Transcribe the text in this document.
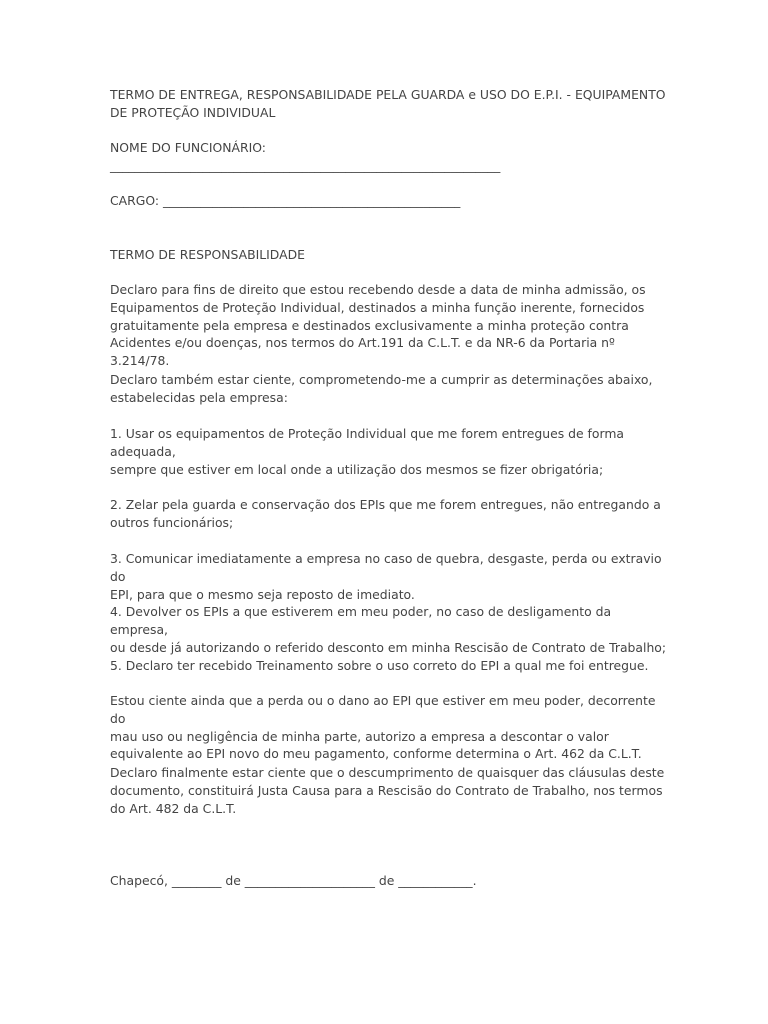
TERMO DE ENTREGA, RESPONSABILIDADE PELA GUARDA e USO DO E.P.I. - EQUIPAMENTO
DE PROTEÇÃO INDIVIDUAL
NOME DO FUNCIONÁRIO:
_______________________________________________________________
CARGO: ________________________________________________
TERMO DE RESPONSABILIDADE
Declaro para fins de direito que estou recebendo desde a data de minha admissão, os
Equipamentos de Proteção Individual, destinados a minha função inerente, fornecidos
gratuitamente pela empresa e destinados exclusivamente a minha proteção contra
Acidentes e/ou doenças, nos termos do Art.191 da C.L.T. e da NR-6 da Portaria nº 3.214/78.
Declaro também estar ciente, comprometendo-me a cumprir as determinações abaixo,
estabelecidas pela empresa:
1. Usar os equipamentos de Proteção Individual que me forem entregues de forma
adequada,
sempre que estiver em local onde a utilização dos mesmos se fizer obrigatória;
2. Zelar pela guarda e conservação dos EPIs que me forem entregues, não entregando a
outros funcionários;
3. Comunicar imediatamente a empresa no caso de quebra, desgaste, perda ou extravio do
EPI, para que o mesmo seja reposto de imediato.
4. Devolver os EPIs a que estiverem em meu poder, no caso de desligamento da empresa,
ou desde já autorizando o referido desconto em minha Rescisão de Contrato de Trabalho;
5. Declaro ter recebido Treinamento sobre o uso correto do EPI a qual me foi entregue.
Estou ciente ainda que a perda ou o dano ao EPI que estiver em meu poder, decorrente do
mau uso ou negligência de minha parte, autorizo a empresa a descontar o valor
equivalente ao EPI novo do meu pagamento, conforme determina o Art. 462 da C.L.T.
Declaro finalmente estar ciente que o descumprimento de quaisquer das cláusulas deste
documento, constituirá Justa Causa para a Rescisão do Contrato de Trabalho, nos termos
do Art. 482 da C.L.T.
Chapecó, ________ de _____________________ de ____________.
